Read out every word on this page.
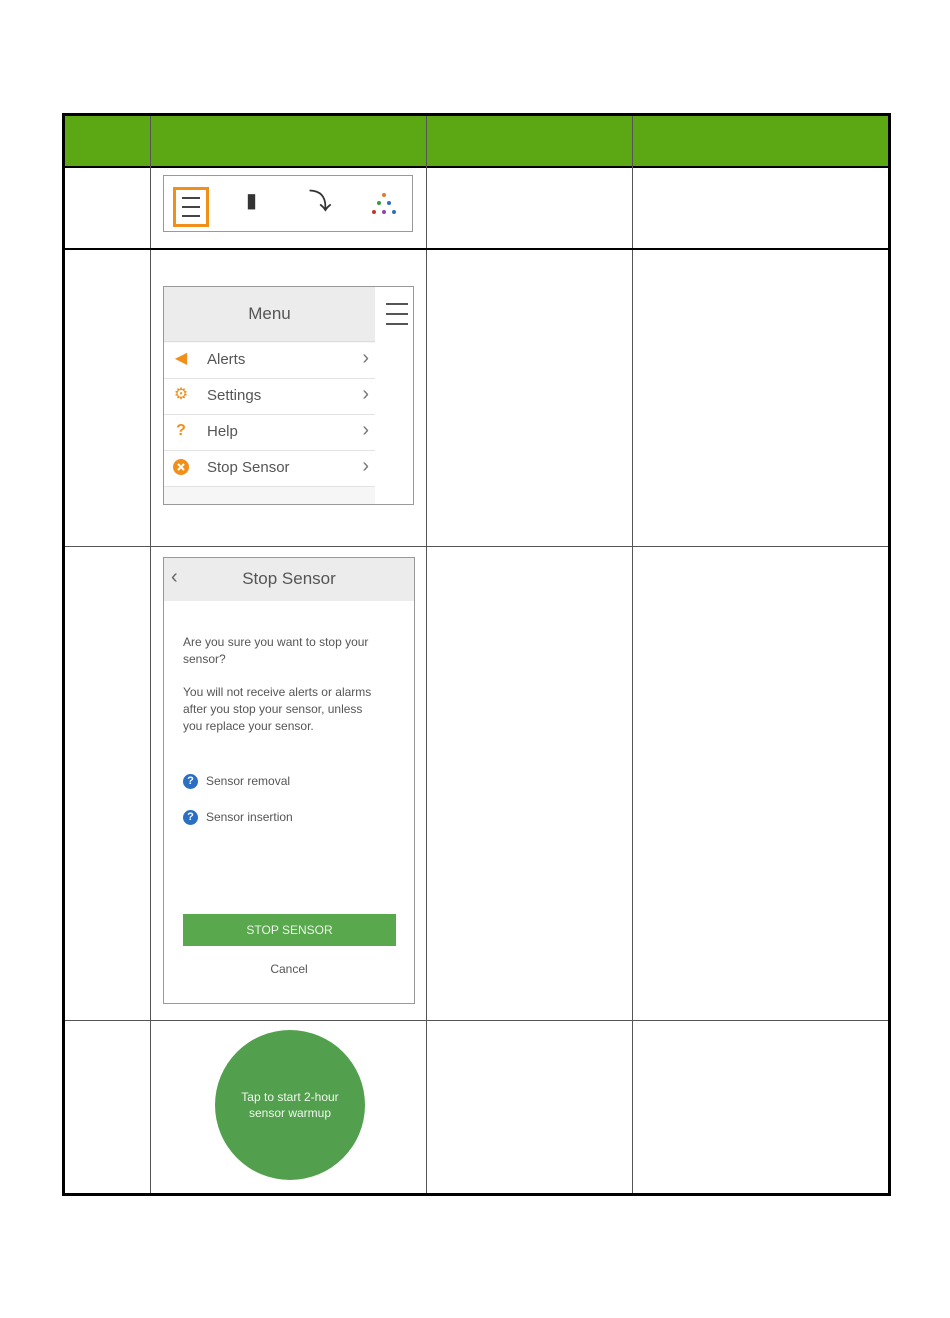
▮ ⤵
Menu
◀ Alerts	›
⚙ Settings	›
? Help	›
Stop Sensor	›
‹	Stop Sensor
Are you sure you want to stop your sensor?
You will not receive alerts or alarms after you stop your sensor, unless you replace your sensor.
? Sensor removal
? Sensor insertion
STOP SENSOR
Cancel
Tap to start 2-hour sensor warmup
